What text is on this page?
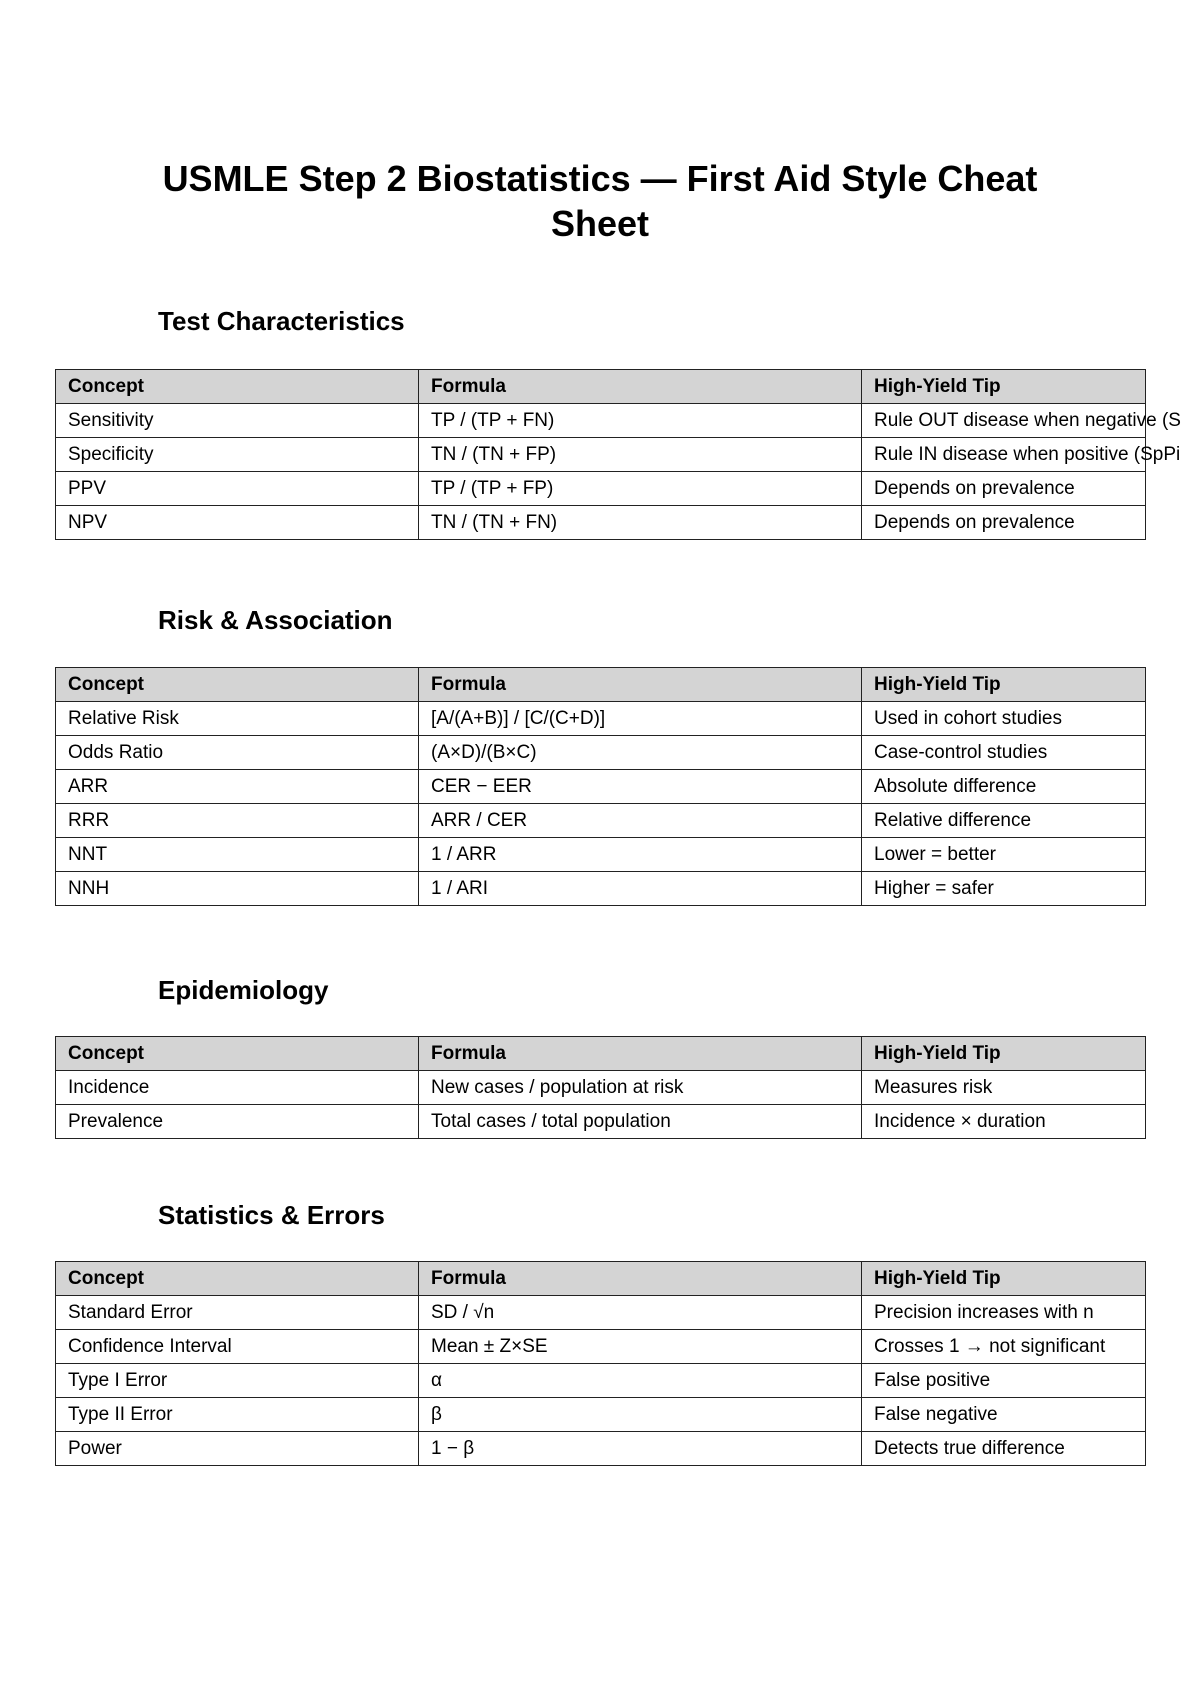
USMLE Step 2 Biostatistics — First Aid Style Cheat Sheet
Test Characteristics
Concept	Formula	High-Yield Tip
Sensitivity	TP / (TP + FN)	Rule OUT disease when negative (S
Specificity	TN / (TN + FP)	Rule IN disease when positive (SpPi
PPV	TP / (TP + FP)	Depends on prevalence
NPV	TN / (TN + FN)	Depends on prevalence
Risk & Association
Concept	Formula	High-Yield Tip
Relative Risk	[A/(A+B)] / [C/(C+D)]	Used in cohort studies
Odds Ratio	(A×D)/(B×C)	Case-control studies
ARR	CER − EER	Absolute difference
RRR	ARR / CER	Relative difference
NNT	1 / ARR	Lower = better
NNH	1 / ARI	Higher = safer
Epidemiology
Concept	Formula	High-Yield Tip
Incidence	New cases / population at risk	Measures risk
Prevalence	Total cases / total population	Incidence × duration
Statistics & Errors
Concept	Formula	High-Yield Tip
Standard Error	SD / √n	Precision increases with n
Confidence Interval	Mean ± Z×SE	Crosses 1 → not significant
Type I Error	α	False positive
Type II Error	β	False negative
Power	1 − β	Detects true difference
